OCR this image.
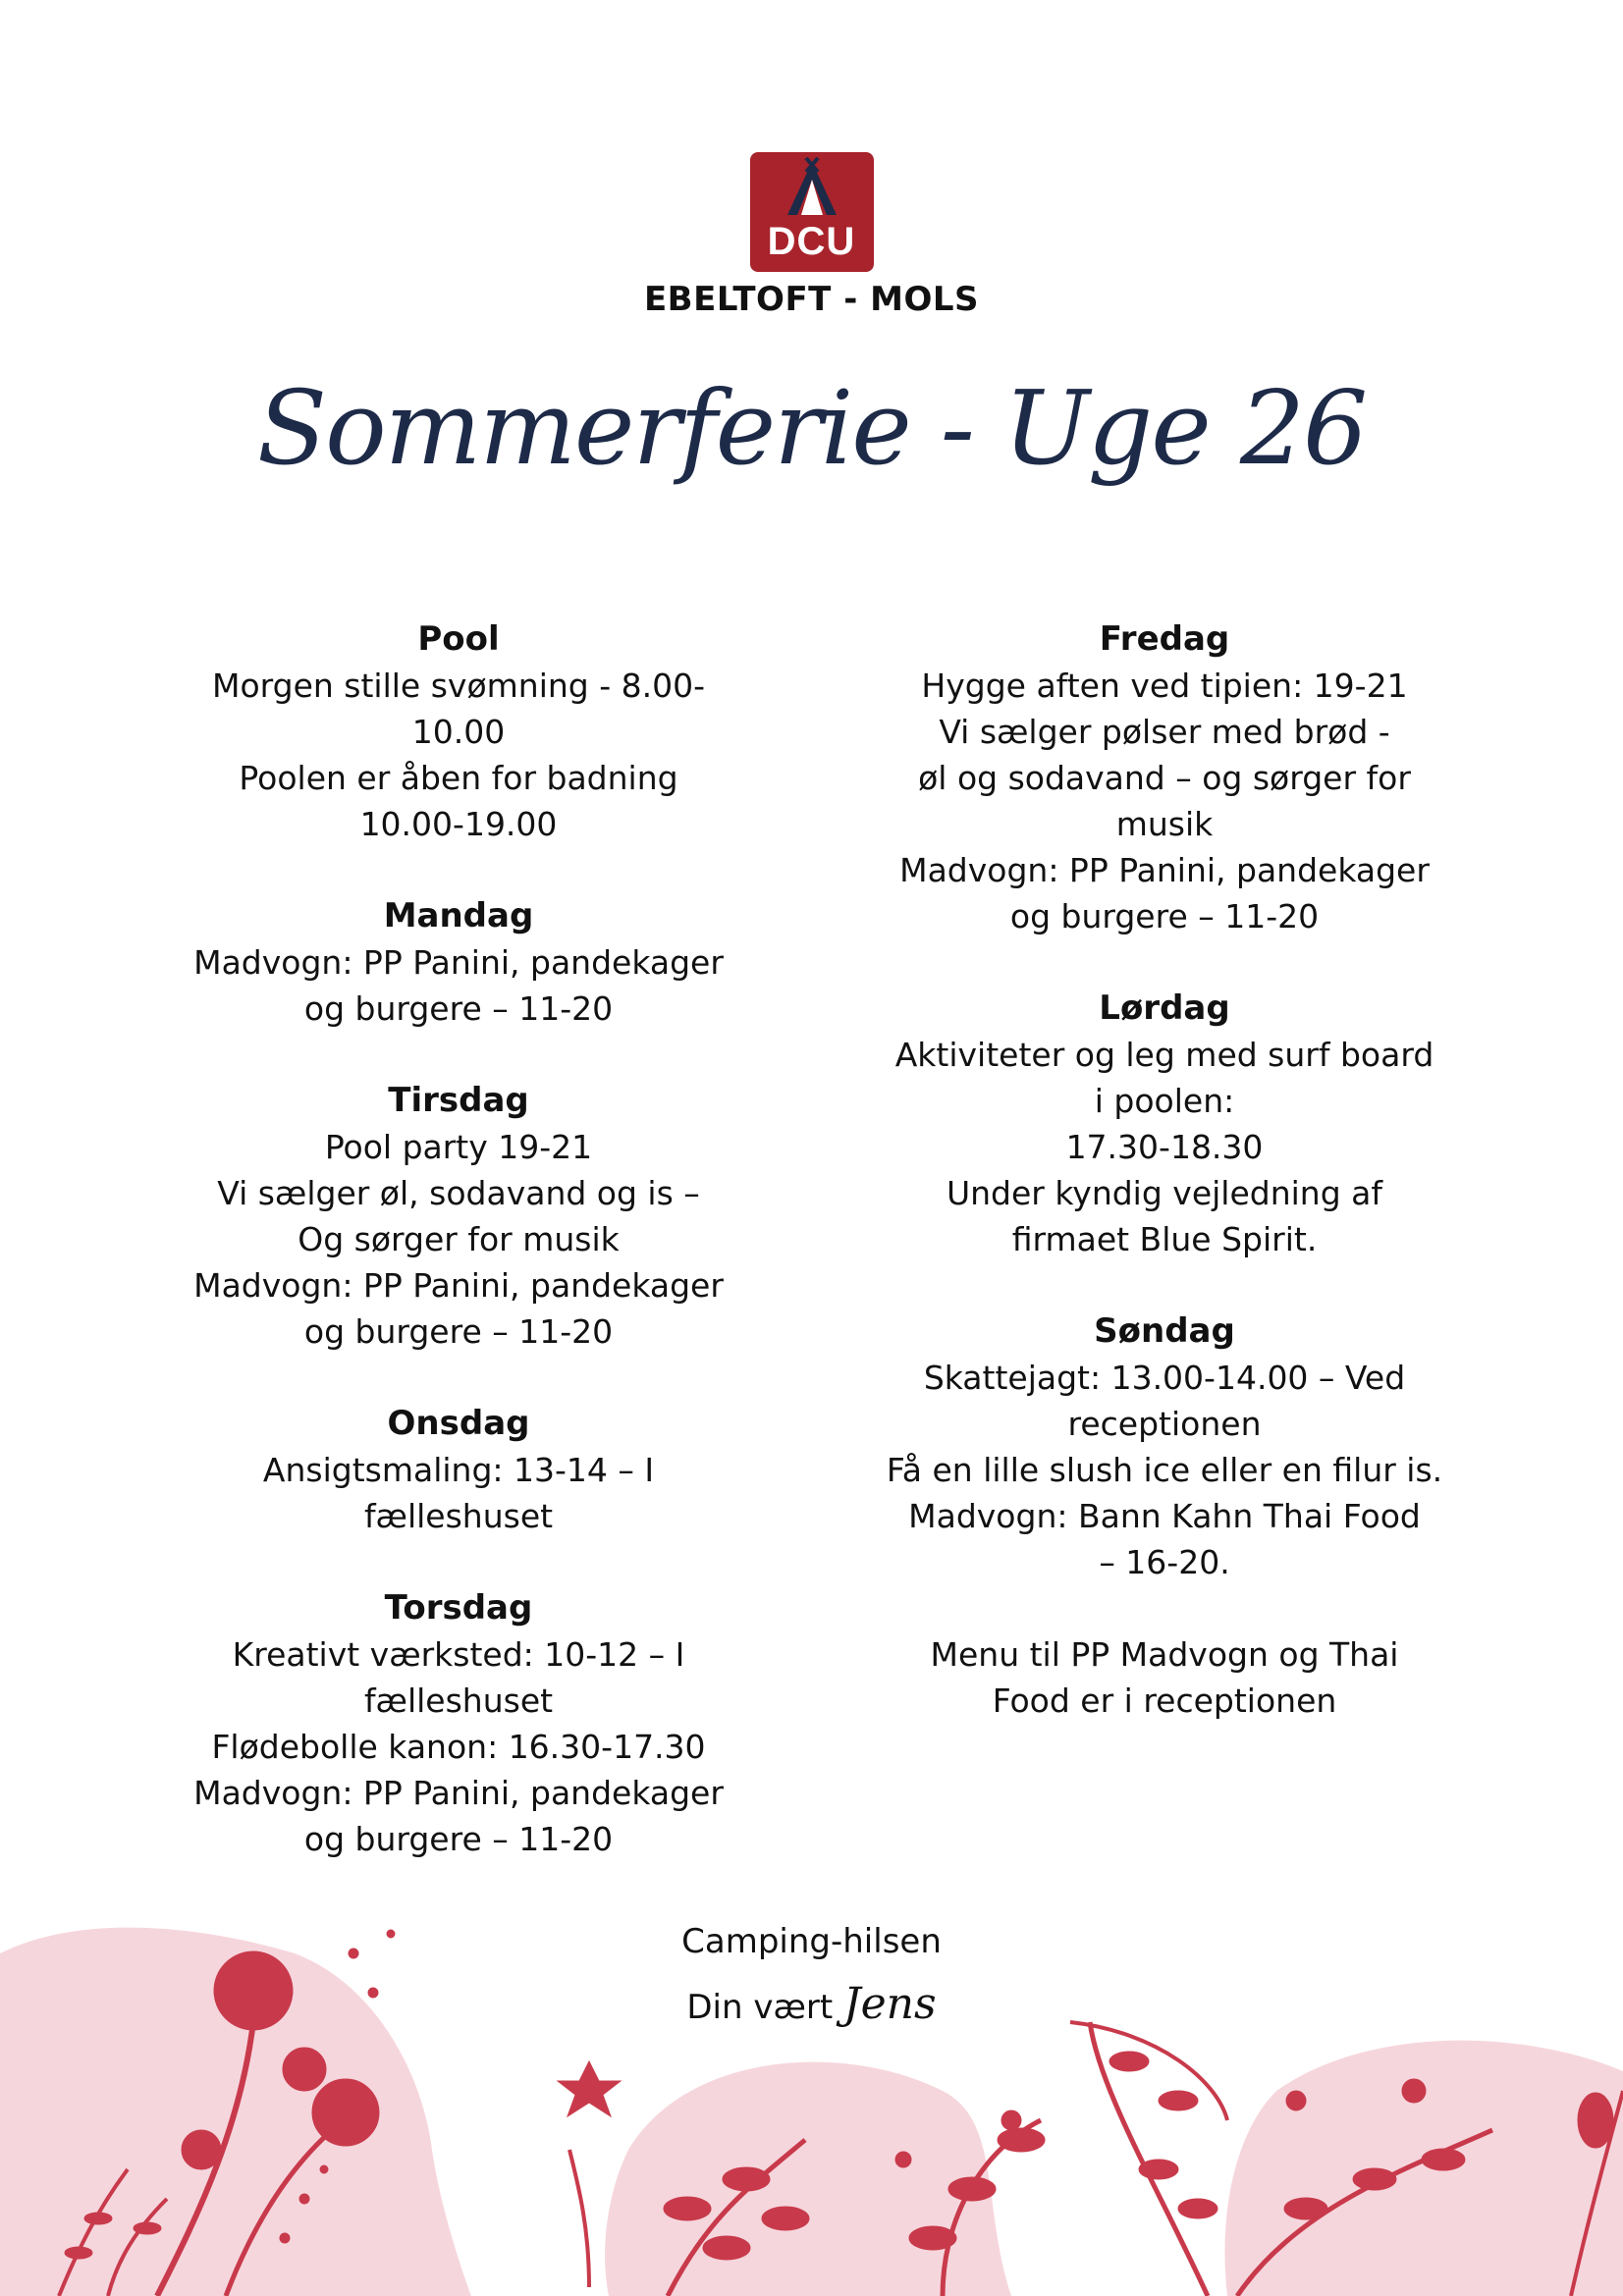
DCU
EBELTOFT - MOLS
Sommerferie - Uge 26
Pool
Morgen stille svømning - 8.00-
10.00
Poolen er åben for badning
10.00-19.00
Mandag
Madvogn: PP Panini, pandekager
og burgere – 11-20
Tirsdag
Pool party 19-21
Vi sælger øl, sodavand og is –
Og sørger for musik
Madvogn: PP Panini, pandekager
og burgere – 11-20
Onsdag
Ansigtsmaling: 13-14 – I
fælleshuset
Torsdag
Kreativt værksted: 10-12 – I
fælleshuset
Flødebolle kanon: 16.30-17.30
Madvogn: PP Panini, pandekager
og burgere – 11-20
Fredag
Hygge aften ved tipien: 19-21
Vi sælger pølser med brød -
øl og sodavand – og sørger for
musik
Madvogn: PP Panini, pandekager
og burgere – 11-20
Lørdag
Aktiviteter og leg med surf board
i poolen:
17.30-18.30
Under kyndig vejledning af
firmaet Blue Spirit.
Søndag
Skattejagt: 13.00-14.00 – Ved
receptionen
Få en lille slush ice eller en filur is.
Madvogn: Bann Kahn Thai Food
– 16-20.
Menu til PP Madvogn og Thai
Food er i receptionen
Camping-hilsen
Din vært Jens
